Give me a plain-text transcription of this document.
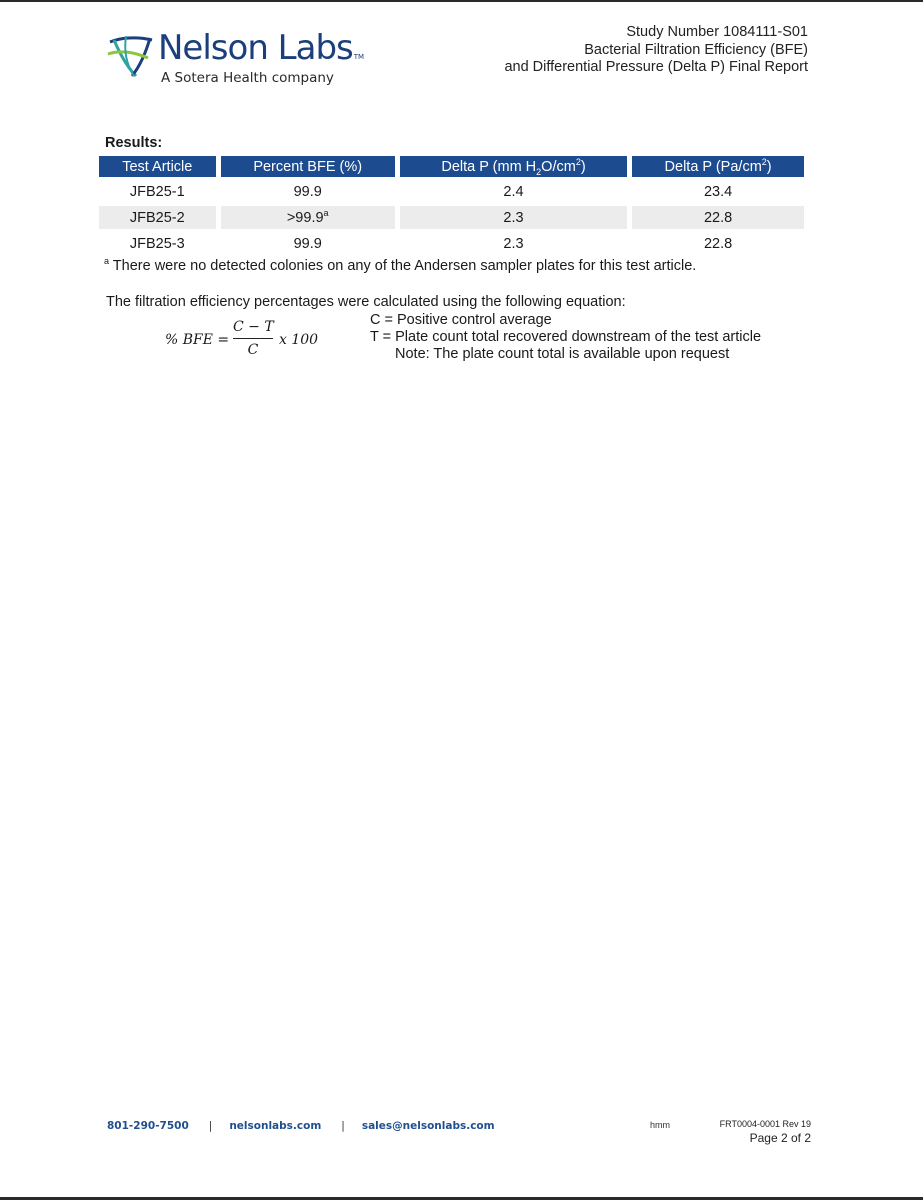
Nelson LabsTM
A Sotera Health company
Study Number 1084111-S01
Bacterial Filtration Efficiency (BFE)
and Differential Pressure (Delta P) Final Report
Results:
Test Article	Percent BFE (%)	Delta P (mm $H_2O/cm^2$)	Delta P $(Pa/cm^2)$
JFB25-1	99.9	2.4	23.4
JFB25-2	>99.9$^a$	2.3	22.8
JFB25-3	99.9	2.3	22.8
$^a$ There were no detected colonies on any of the Andersen sampler plates for this test article.
The filtration efficiency percentages were calculated using the following equation:
% BFE =
C − T
C
x 100
C = Positive control average
T = Plate count total recovered downstream of the test article
Note: The plate count total is available upon request
801-290-7500 | nelsonlabs.com | sales@nelsonlabs.com	hmm	FRT0004-0001 Rev 19
Page 2 of 2
